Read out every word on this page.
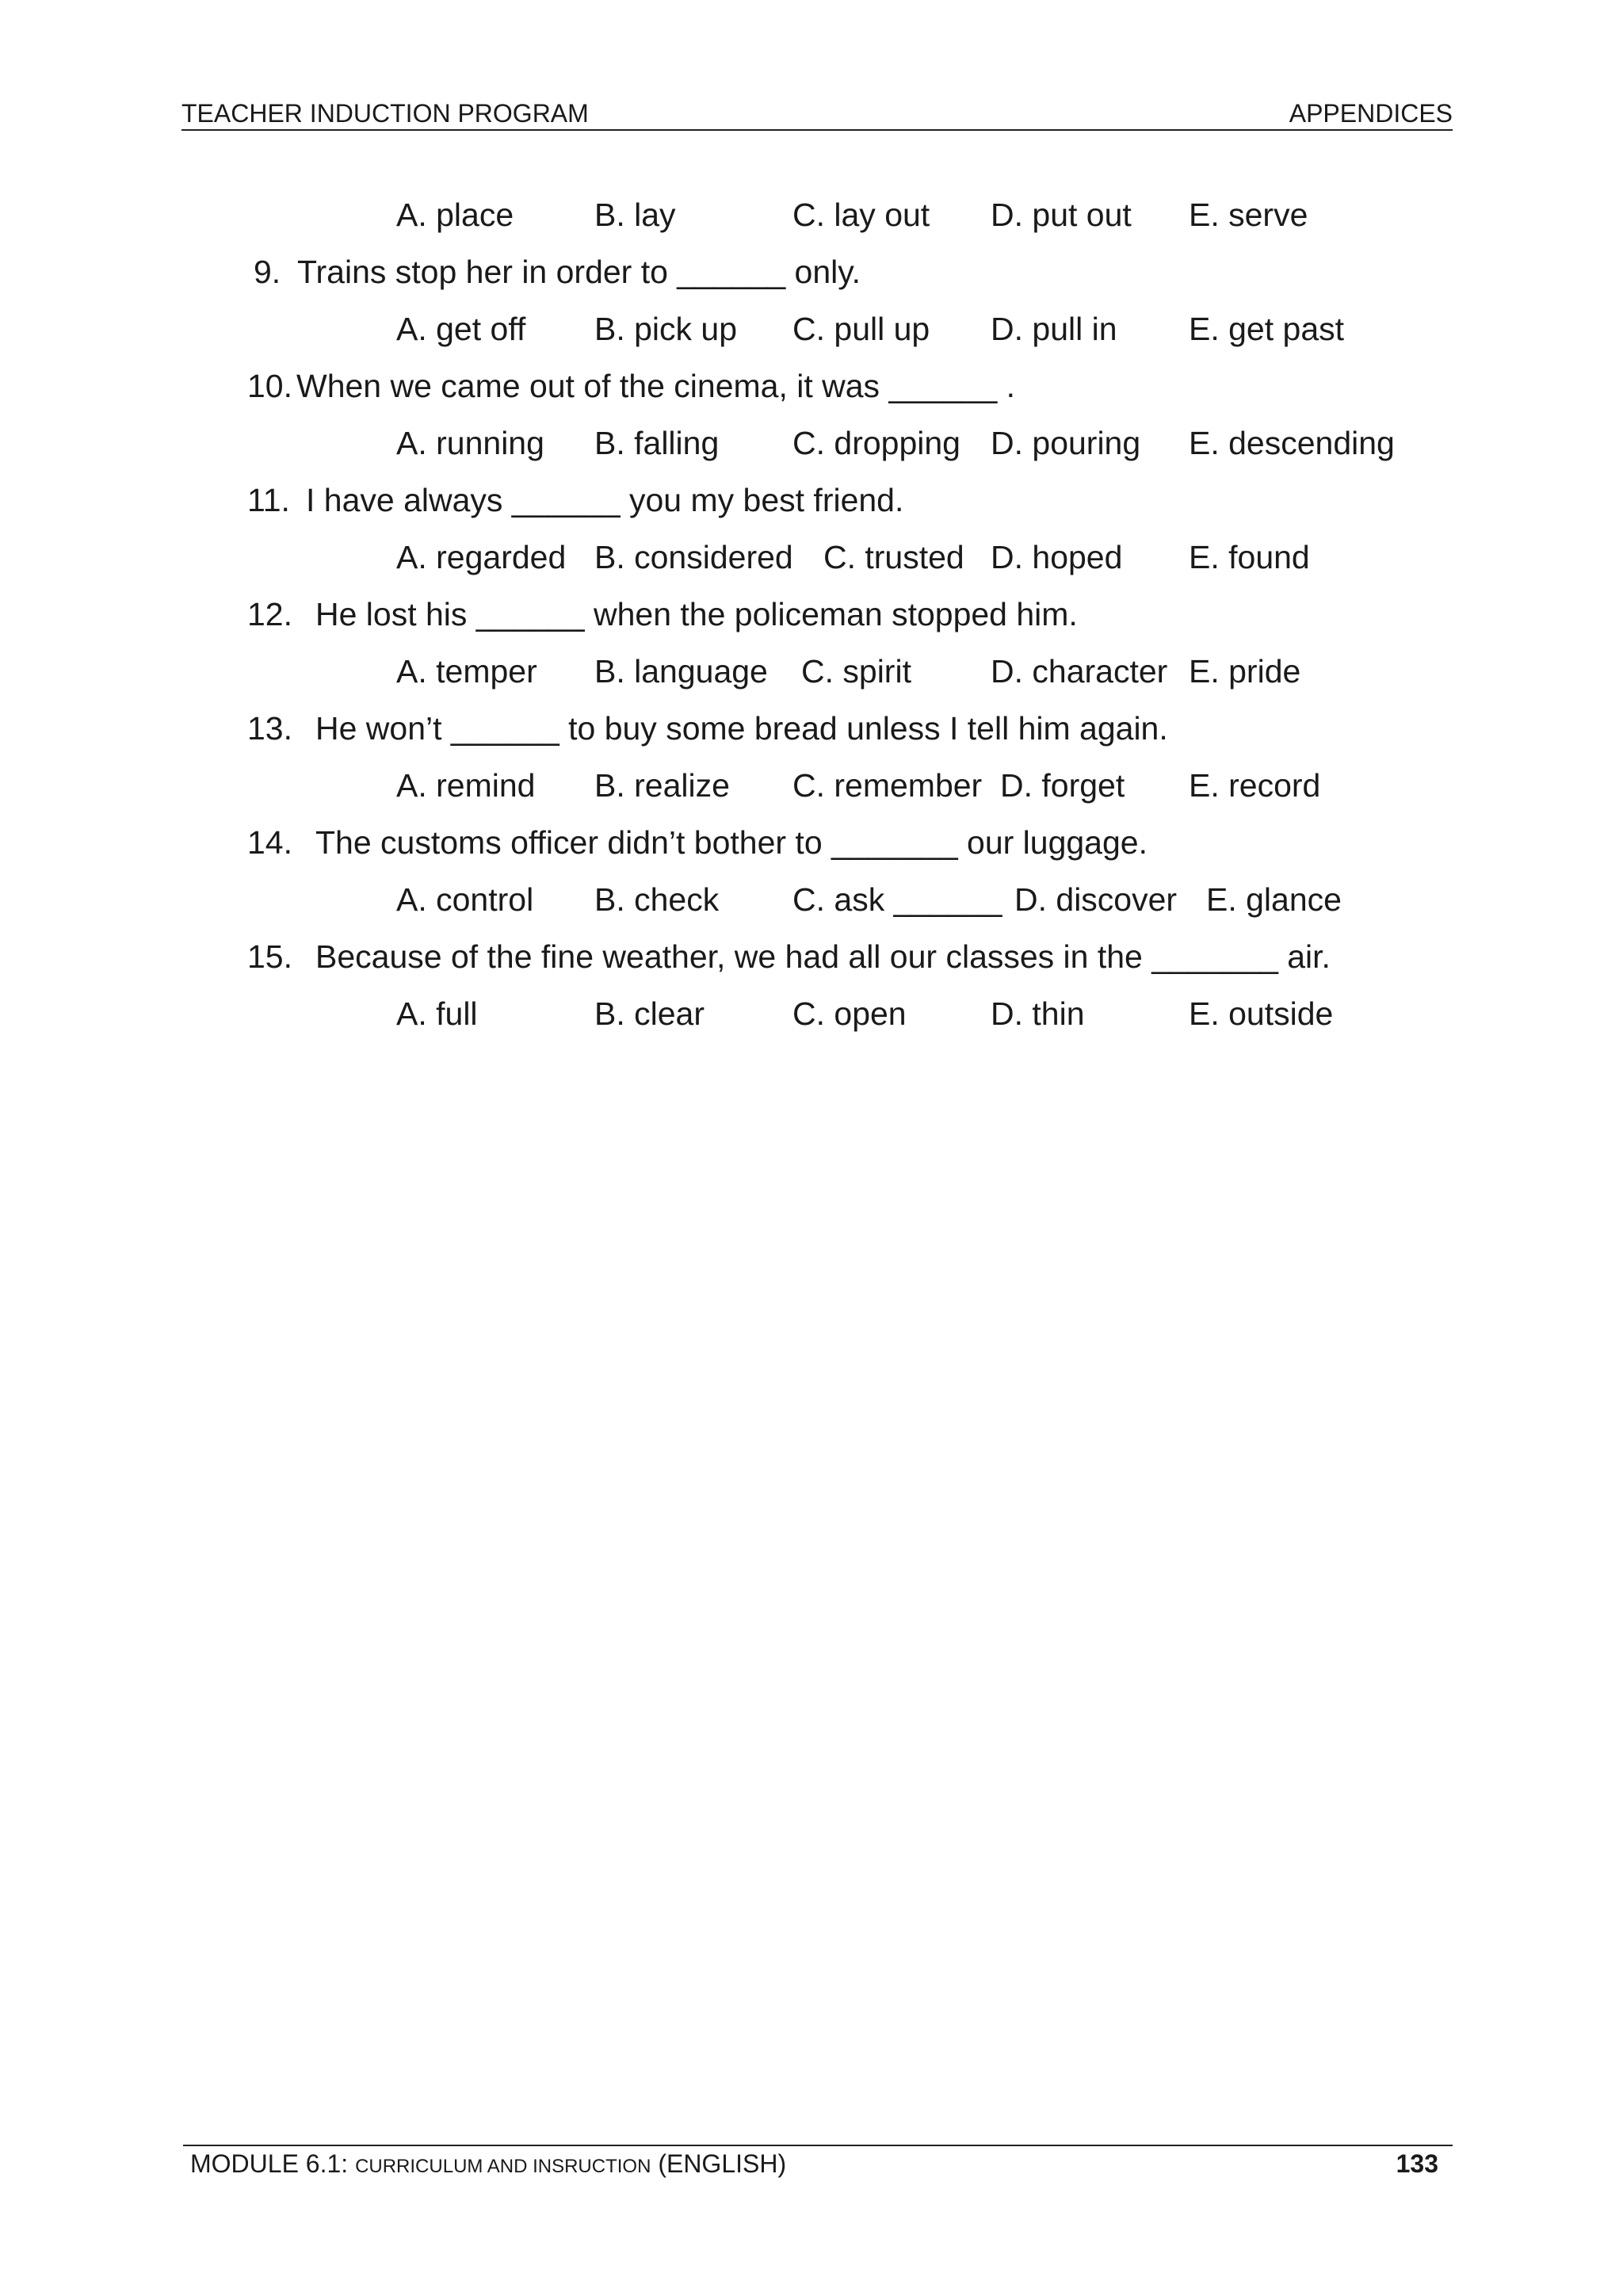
TEACHER INDUCTION PROGRAM	APPENDICES
A. place B. lay	C. lay out D. put out E. serve
9. Trains stop her in order to ______ only.
A. get off B. pick up C. pull up D. pull in E. get past
10. When we came out of the cinema, it was ______ .
A. running B. falling C. dropping D. pouring E. descending
11. I have always ______ you my best friend.
A. regarded B. considered C. trusted D. hoped E. found
12. He lost his ______ when the policeman stopped him.
A. temper B. language C. spirit D. character E. pride
13. He won’t ______ to buy some bread unless I tell him again.
A. remind B. realize C. remember D. forget E. record
14. The customs officer didn’t bother to _______ our luggage.
A. control B. check C. ask ______ D. discover E. glance
15. Because of the fine weather, we had all our classes in the _______ air.
A. full	B. clear	C. open	D. thin	E. outside
MODULE 6.1: CURRICULUM AND INSRUCTION (ENGLISH)	133
